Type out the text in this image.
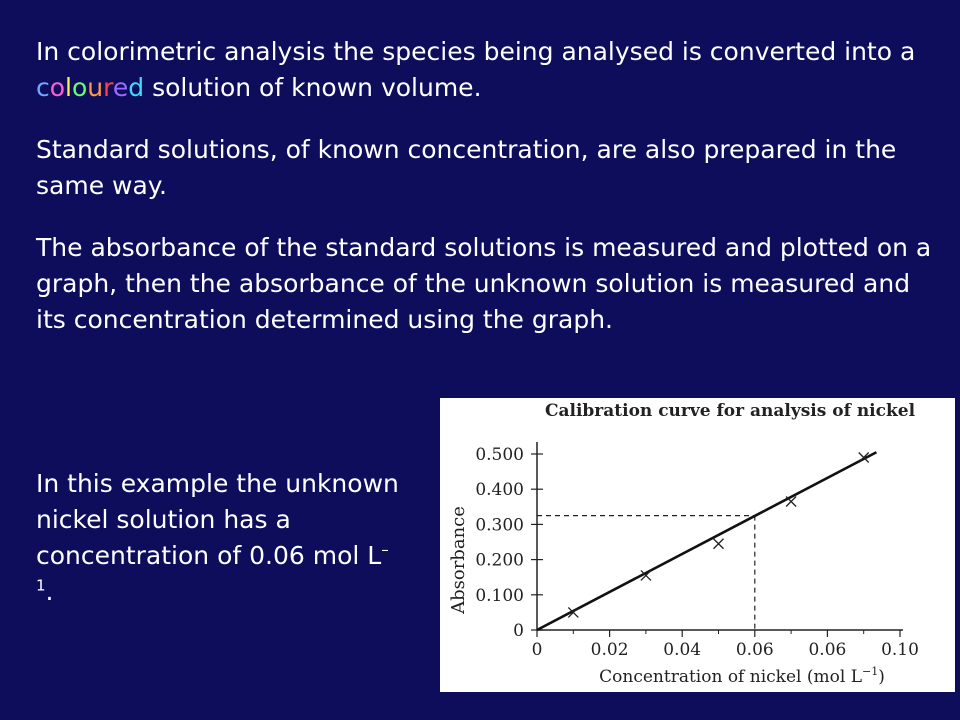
In colorimetric analysis the species being analysed is converted into a coloured solution of known volume.

Standard solutions, of known concentration, are also prepared in the same way.

The absorbance of the standard solutions is measured and plotted on a graph, then the absorbance of the unknown solution is measured and its concentration determined using the graph.

In this example the unknown nickel solution has a concentration of 0.06 mol $L^{-1}$.

Calibration curve for analysis of nickel
Absorbance
Concentration of nickel (mol $L^{-1}$)
0	0.02 0.04 0.06 0.06 0.10
0
0.100
0.200
0.300
0.400
0.500
